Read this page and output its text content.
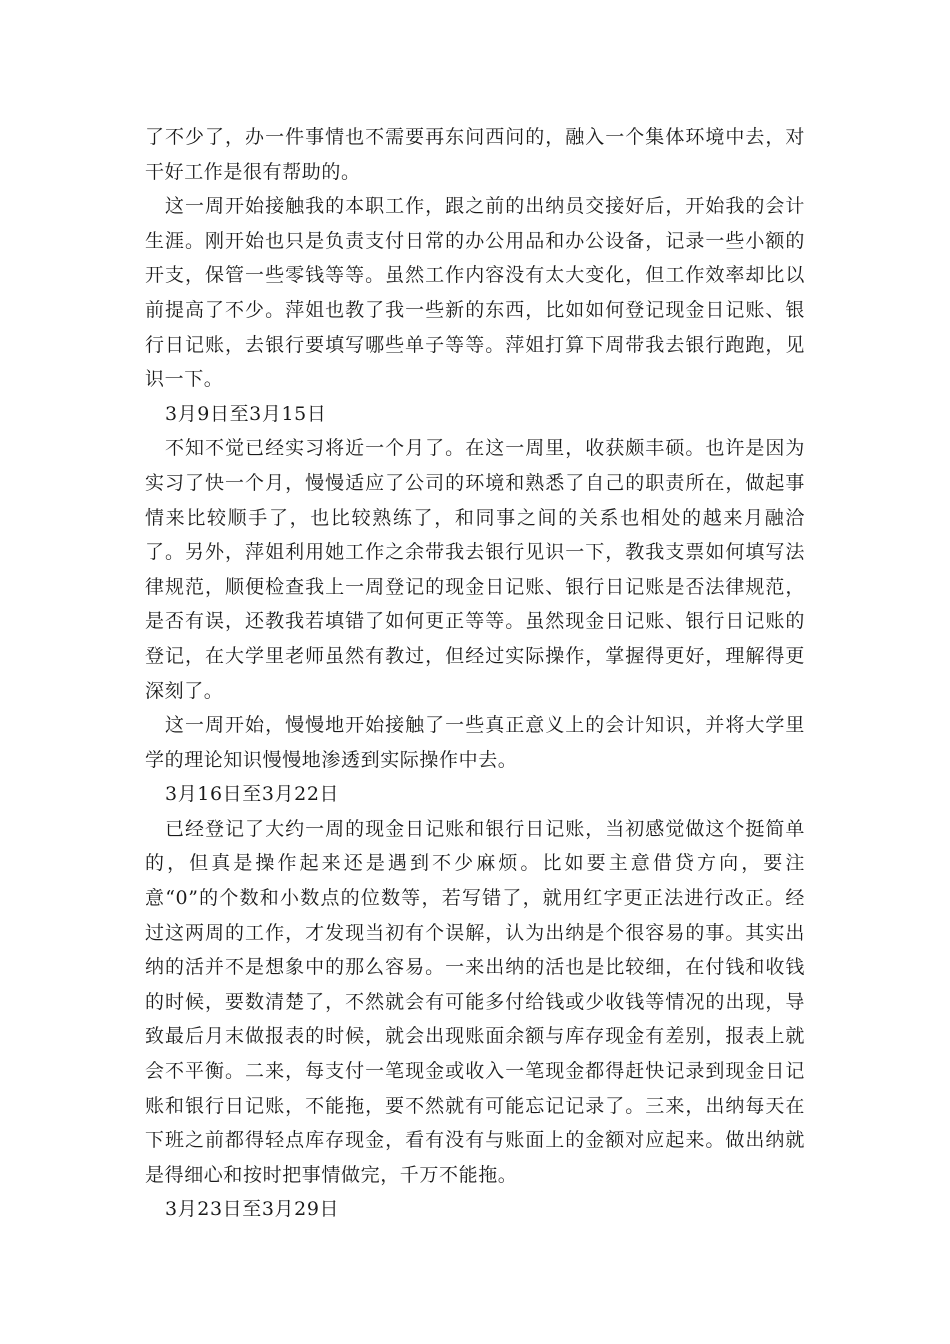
了不少了，办一件事情也不需要再东问西问的，融入一个集体环境中去，对干好工作是很有帮助的。

这一周开始接触我的本职工作，跟之前的出纳员交接好后，开始我的会计生涯。刚开始也只是负责支付日常的办公用品和办公设备，记录一些小额的开支，保管一些零钱等等。虽然工作内容没有太大变化，但工作效率却比以前提高了不少。萍姐也教了我一些新的东西，比如如何登记现金日记账、银行日记账，去银行要填写哪些单子等等。萍姐打算下周带我去银行跑跑，见识一下。

3月9日至3月15日

不知不觉已经实习将近一个月了。在这一周里，收获颇丰硕。也许是因为实习了快一个月，慢慢适应了公司的环境和熟悉了自己的职责所在，做起事情来比较顺手了，也比较熟练了，和同事之间的关系也相处的越来月融洽了。另外，萍姐利用她工作之余带我去银行见识一下，教我支票如何填写法律规范，顺便检查我上一周登记的现金日记账、银行日记账是否法律规范，是否有误，还教我若填错了如何更正等等。虽然现金日记账、银行日记账的登记，在大学里老师虽然有教过，但经过实际操作，掌握得更好，理解得更深刻了。

这一周开始，慢慢地开始接触了一些真正意义上的会计知识，并将大学里学的理论知识慢慢地渗透到实际操作中去。

3月16日至3月22日

已经登记了大约一周的现金日记账和银行日记账，当初感觉做这个挺简单的，但真是操作起来还是遇到不少麻烦。比如要主意借贷方向，要注意“0”的个数和小数点的位数等，若写错了，就用红字更正法进行改正。经过这两周的工作，才发现当初有个误解，认为出纳是个很容易的事。其实出纳的活并不是想象中的那么容易。一来出纳的活也是比较细，在付钱和收钱的时候，要数清楚了，不然就会有可能多付给钱或少收钱等情况的出现，导致最后月末做报表的时候，就会出现账面余额与库存现金有差别，报表上就会不平衡。二来，每支付一笔现金或收入一笔现金都得赶快记录到现金日记账和银行日记账，不能拖，要不然就有可能忘记记录了。三来，出纳每天在下班之前都得轻点库存现金，看有没有与账面上的金额对应起来。做出纳就是得细心和按时把事情做完，千万不能拖。

3月23日至3月29日
